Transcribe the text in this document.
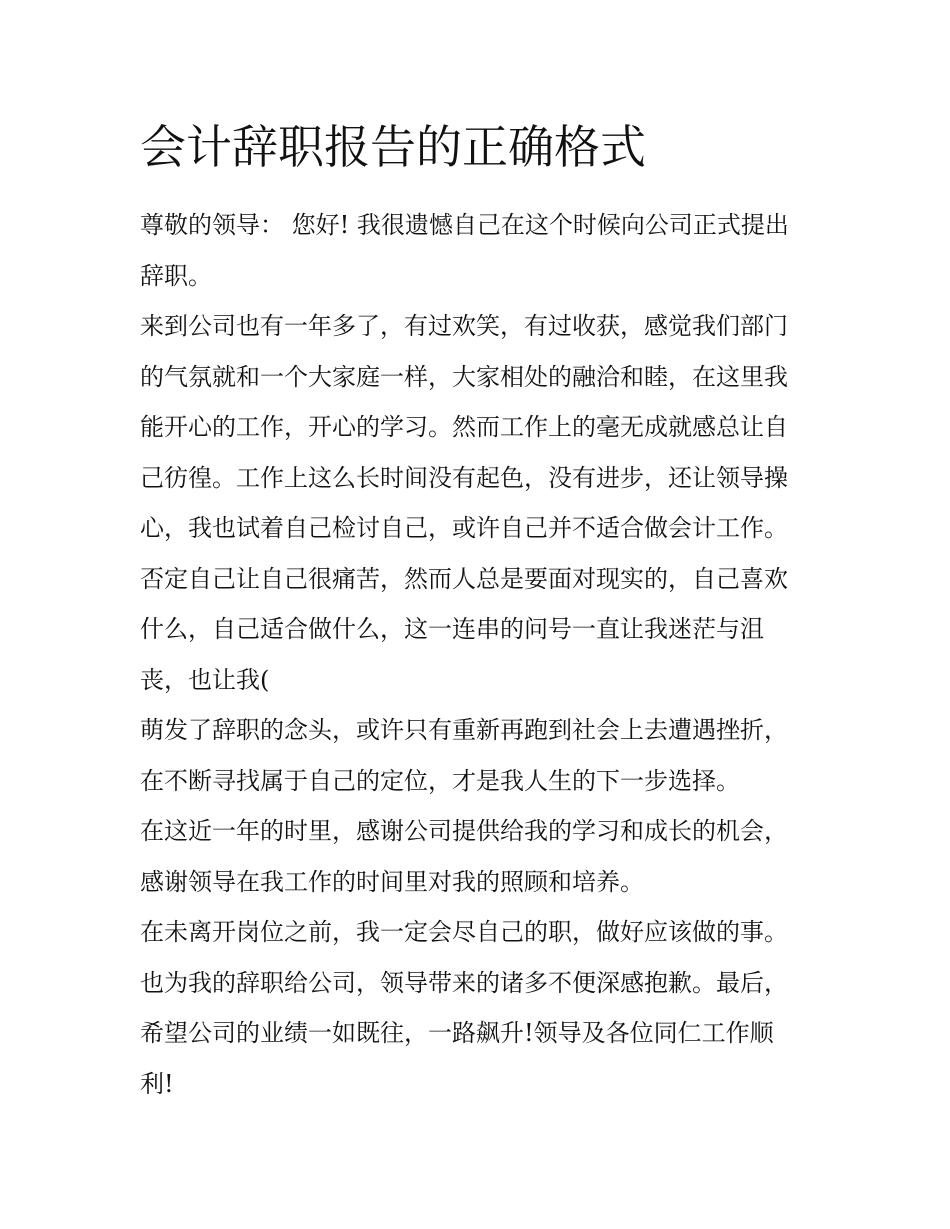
会计辞职报告的正确格式
尊敬的领导： 您好! 我很遗憾自己在这个时候向公司正式提出
辞职。
来到公司也有一年多了，有过欢笑，有过收获，感觉我们部门
的气氛就和一个大家庭一样，大家相处的融洽和睦，在这里我
能开心的工作，开心的学习。然而工作上的毫无成就感总让自
己彷徨。工作上这么长时间没有起色，没有进步，还让领导操
心，我也试着自己检讨自己，或许自己并不适合做会计工作。
否定自己让自己很痛苦，然而人总是要面对现实的，自己喜欢
什么，自己适合做什么，这一连串的问号一直让我迷茫与沮
丧，也让我(
萌发了辞职的念头，或许只有重新再跑到社会上去遭遇挫折，
在不断寻找属于自己的定位，才是我人生的下一步选择。
在这近一年的时里，感谢公司提供给我的学习和成长的机会，
感谢领导在我工作的时间里对我的照顾和培养。
在未离开岗位之前，我一定会尽自己的职，做好应该做的事。
也为我的辞职给公司，领导带来的诸多不便深感抱歉。最后，
希望公司的业绩一如既往，一路飙升!领导及各位同仁工作顺
利!
